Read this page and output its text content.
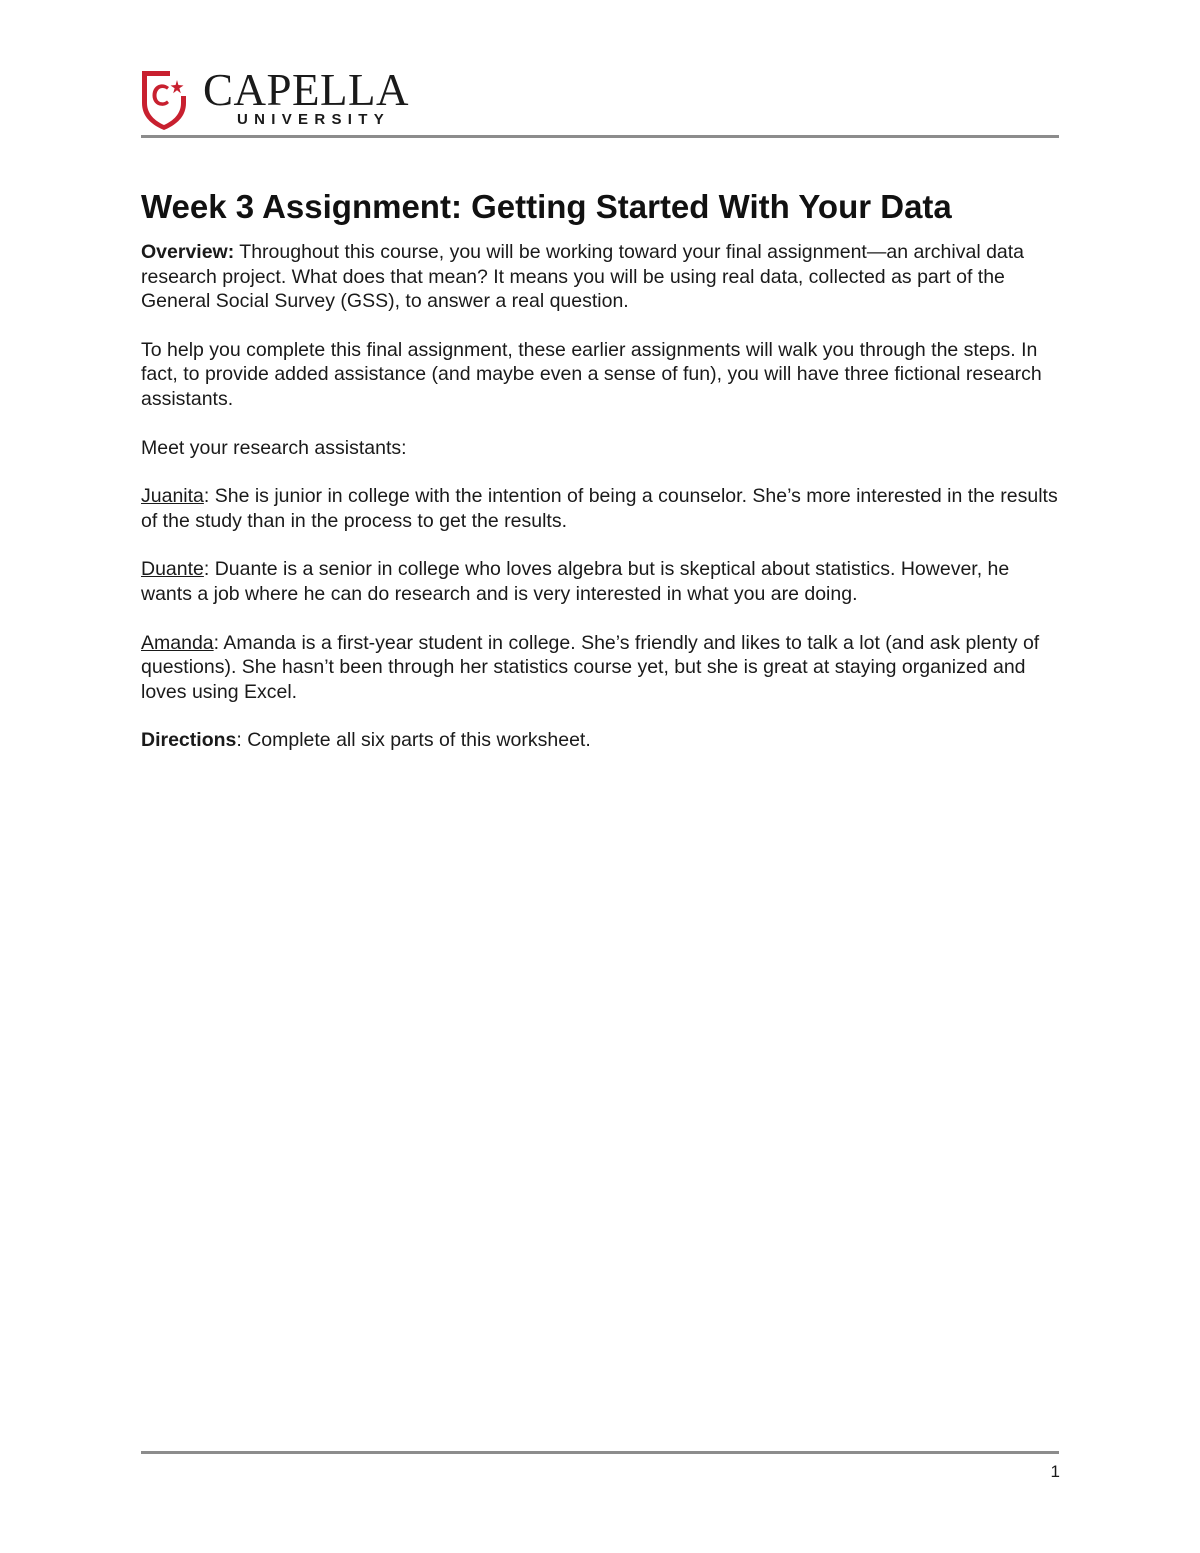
CAPELLA
UNIVERSITY
Week 3 Assignment: Getting Started With Your Data

Overview: Throughout this course, you will be working toward your final assignment—an archival data research project. What does that mean? It means you will be using real data, collected as part of the General Social Survey (GSS), to answer a real question.

To help you complete this final assignment, these earlier assignments will walk you through the steps. In fact, to provide added assistance (and maybe even a sense of fun), you will have three fictional research assistants.

Meet your research assistants:

Juanita: She is junior in college with the intention of being a counselor. She’s more interested in the results of the study than in the process to get the results.

Duante: Duante is a senior in college who loves algebra but is skeptical about statistics. However, he wants a job where he can do research and is very interested in what you are doing.

Amanda: Amanda is a first-year student in college. She’s friendly and likes to talk a lot (and ask plenty of questions). She hasn’t been through her statistics course yet, but she is great at staying organized and loves using Excel.

Directions: Complete all six parts of this worksheet.

1
